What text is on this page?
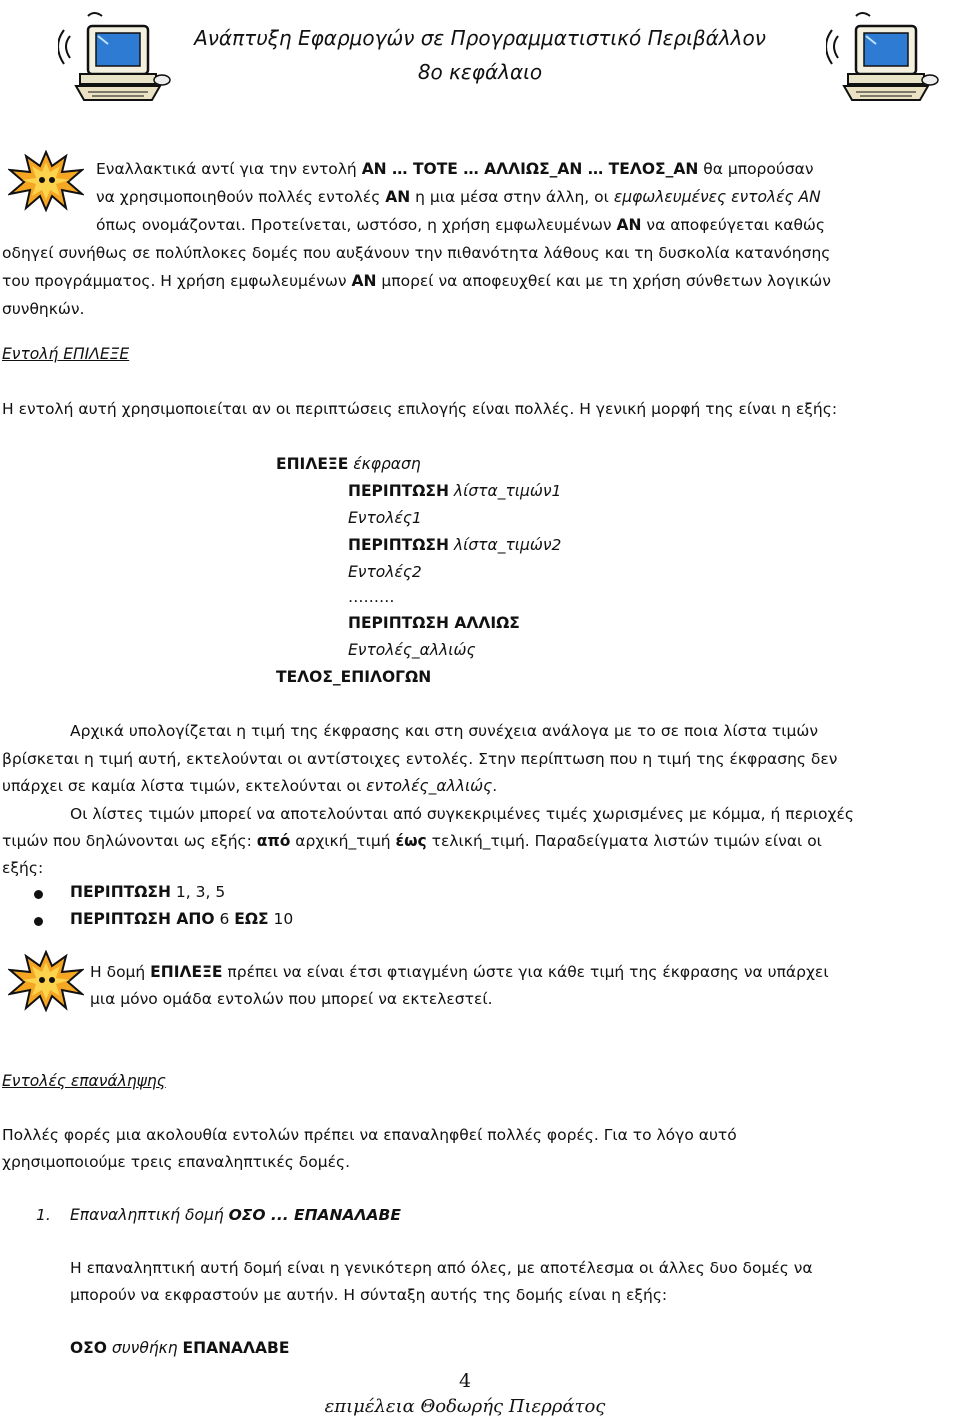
Ανάπτυξη Εφαρμογών σε Προγραμματιστικό Περιβάλλον
8ο κεφάλαιο
Εναλλακτικά αντί για την εντολή ΑΝ … ΤΟΤΕ … ΑΛΛΙΩΣ_ΑΝ … ΤΕΛΟΣ_ΑΝ θα μπορούσαν
να χρησιμοποιηθούν πολλές εντολές ΑΝ η μια μέσα στην άλλη, οι εμφωλευμένες εντολές ΑΝ
όπως ονομάζονται. Προτείνεται, ωστόσο, η χρήση εμφωλευμένων ΑΝ να αποφεύγεται καθώς
οδηγεί συνήθως σε πολύπλοκες δομές που αυξάνουν την πιθανότητα λάθους και τη δυσκολία κατανόησης
του προγράμματος. Η χρήση εμφωλευμένων ΑΝ μπορεί να αποφευχθεί και με τη χρήση σύνθετων λογικών
συνθηκών.
Εντολή ΕΠΙΛΕΞΕ
Η εντολή αυτή χρησιμοποιείται αν οι περιπτώσεις επιλογής είναι πολλές. Η γενική μορφή της είναι η εξής:
ΕΠΙΛΕΞΕ έκφραση
ΠΕΡΙΠΤΩΣΗ λίστα_τιμών1
Εντολές1
ΠΕΡΙΠΤΩΣΗ λίστα_τιμών2
Εντολές2
………
ΠΕΡΙΠΤΩΣΗ ΑΛΛΙΩΣ
Εντολές_αλλιώς
ΤΕΛΟΣ_ΕΠΙΛΟΓΩΝ
Αρχικά υπολογίζεται η τιμή της έκφρασης και στη συνέχεια ανάλογα με το σε ποια λίστα τιμών
βρίσκεται η τιμή αυτή, εκτελούνται οι αντίστοιχες εντολές. Στην περίπτωση που η τιμή της έκφρασης δεν
υπάρχει σε καμία λίστα τιμών, εκτελούνται οι εντολές_αλλιώς.
Οι λίστες τιμών μπορεί να αποτελούνται από συγκεκριμένες τιμές χωρισμένες με κόμμα, ή περιοχές
τιμών που δηλώνονται ως εξής: από αρχική_τιμή έως τελική_τιμή. Παραδείγματα λιστών τιμών είναι οι
εξής:
ΠΕΡΙΠΤΩΣΗ 1, 3, 5
ΠΕΡΙΠΤΩΣΗ ΑΠΟ 6 ΕΩΣ 10
Η δομή ΕΠΙΛΕΞΕ πρέπει να είναι έτσι φτιαγμένη ώστε για κάθε τιμή της έκφρασης να υπάρχει
μια μόνο ομάδα εντολών που μπορεί να εκτελεστεί.
Εντολές επανάληψης
Πολλές φορές μια ακολουθία εντολών πρέπει να επαναληφθεί πολλές φορές. Για το λόγο αυτό
χρησιμοποιούμε τρεις επαναληπτικές δομές.
1. Επαναληπτική δομή ΟΣΟ ... ΕΠΑΝΑΛΑΒΕ
Η επαναληπτική αυτή δομή είναι η γενικότερη από όλες, με αποτέλεσμα οι άλλες δυο δομές να
μπορούν να εκφραστούν με αυτήν. Η σύνταξη αυτής της δομής είναι η εξής:
ΟΣΟ συνθήκη ΕΠΑΝΑΛΑΒΕ
4
επιμέλεια Θοδωρής Πιερράτος
